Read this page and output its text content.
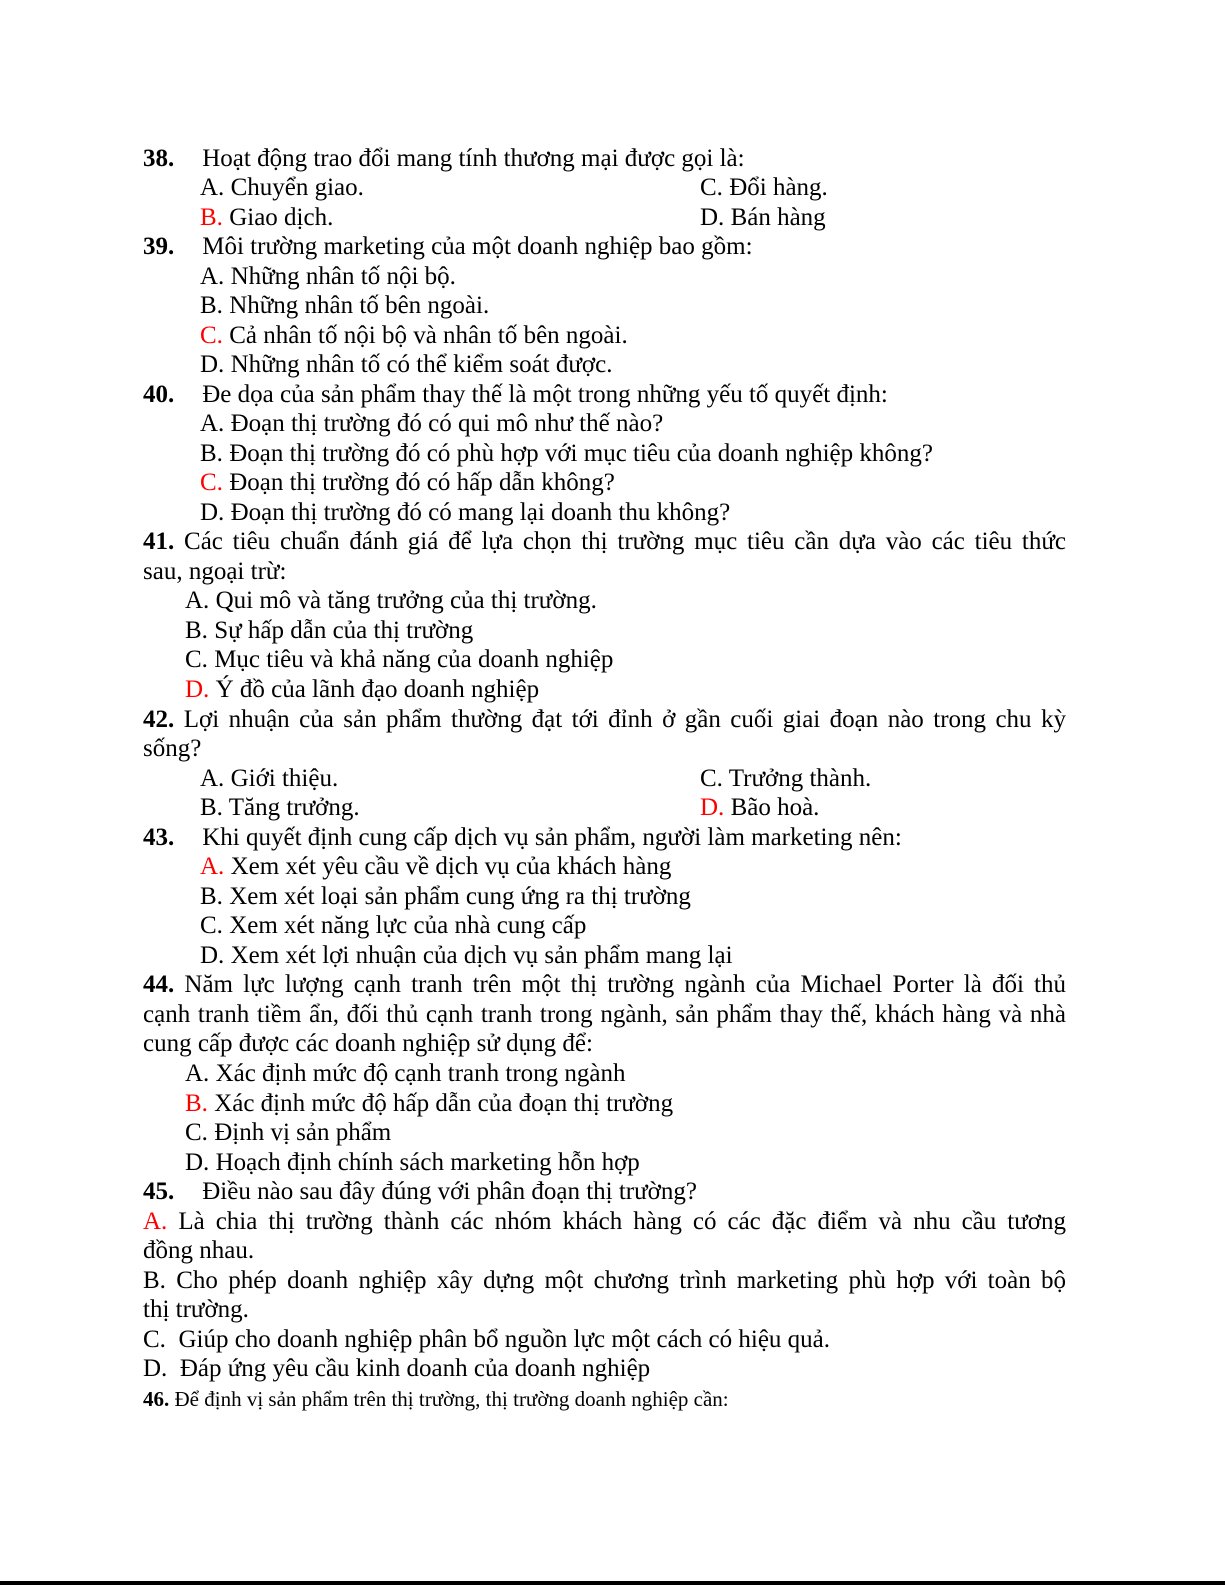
38. Hoạt động trao đổi mang tính thương mại được gọi là:
A. Chuyển giao.	C. Đổi hàng.
B. Giao dịch.	D. Bán hàng
39. Môi trường marketing của một doanh nghiệp bao gồm:
A. Những nhân tố nội bộ.
B. Những nhân tố bên ngoài.
C. Cả nhân tố nội bộ và nhân tố bên ngoài.
D. Những nhân tố có thể kiểm soát được.
40. Đe dọa của sản phẩm thay thế là một trong những yếu tố quyết định:
A. Đoạn thị trường đó có qui mô như thế nào?
B. Đoạn thị trường đó có phù hợp với mục tiêu của doanh nghiệp không?
C. Đoạn thị trường đó có hấp dẫn không?
D. Đoạn thị trường đó có mang lại doanh thu không?
41. Các tiêu chuẩn đánh giá để lựa chọn thị trường mục tiêu cần dựa vào các tiêu thức
sau, ngoại trừ:
A. Qui mô và tăng trưởng của thị trường.
B. Sự hấp dẫn của thị trường
C. Mục tiêu và khả năng của doanh nghiệp
D. Ý đồ của lãnh đạo doanh nghiệp
42. Lợi nhuận của sản phẩm thường đạt tới đỉnh ở gần cuối giai đoạn nào trong chu kỳ
sống?
A. Giới thiệu.	C. Trưởng thành.
B. Tăng trưởng.	D. Bão hoà.
43. Khi quyết định cung cấp dịch vụ sản phẩm, người làm marketing nên:
A. Xem xét yêu cầu về dịch vụ của khách hàng
B. Xem xét loại sản phẩm cung ứng ra thị trường
C. Xem xét năng lực của nhà cung cấp
D. Xem xét lợi nhuận của dịch vụ sản phẩm mang lại
44. Năm lực lượng cạnh tranh trên một thị trường ngành của Michael Porter là đối thủ
cạnh tranh tiềm ẩn, đối thủ cạnh tranh trong ngành, sản phẩm thay thế, khách hàng và nhà
cung cấp được các doanh nghiệp sử dụng để:
A. Xác định mức độ cạnh tranh trong ngành
B. Xác định mức độ hấp dẫn của đoạn thị trường
C. Định vị sản phẩm
D. Hoạch định chính sách marketing hỗn hợp
45. Điều nào sau đây đúng với phân đoạn thị trường?
A. Là chia thị trường thành các nhóm khách hàng có các đặc điểm và nhu cầu tương
đồng nhau.
B. Cho phép doanh nghiệp xây dựng một chương trình marketing phù hợp với toàn bộ
thị trường.
C. Giúp cho doanh nghiệp phân bổ nguồn lực một cách có hiệu quả.
D. Đáp ứng yêu cầu kinh doanh của doanh nghiệp
46. Để định vị sản phẩm trên thị trường, thị trường doanh nghiệp cần:
